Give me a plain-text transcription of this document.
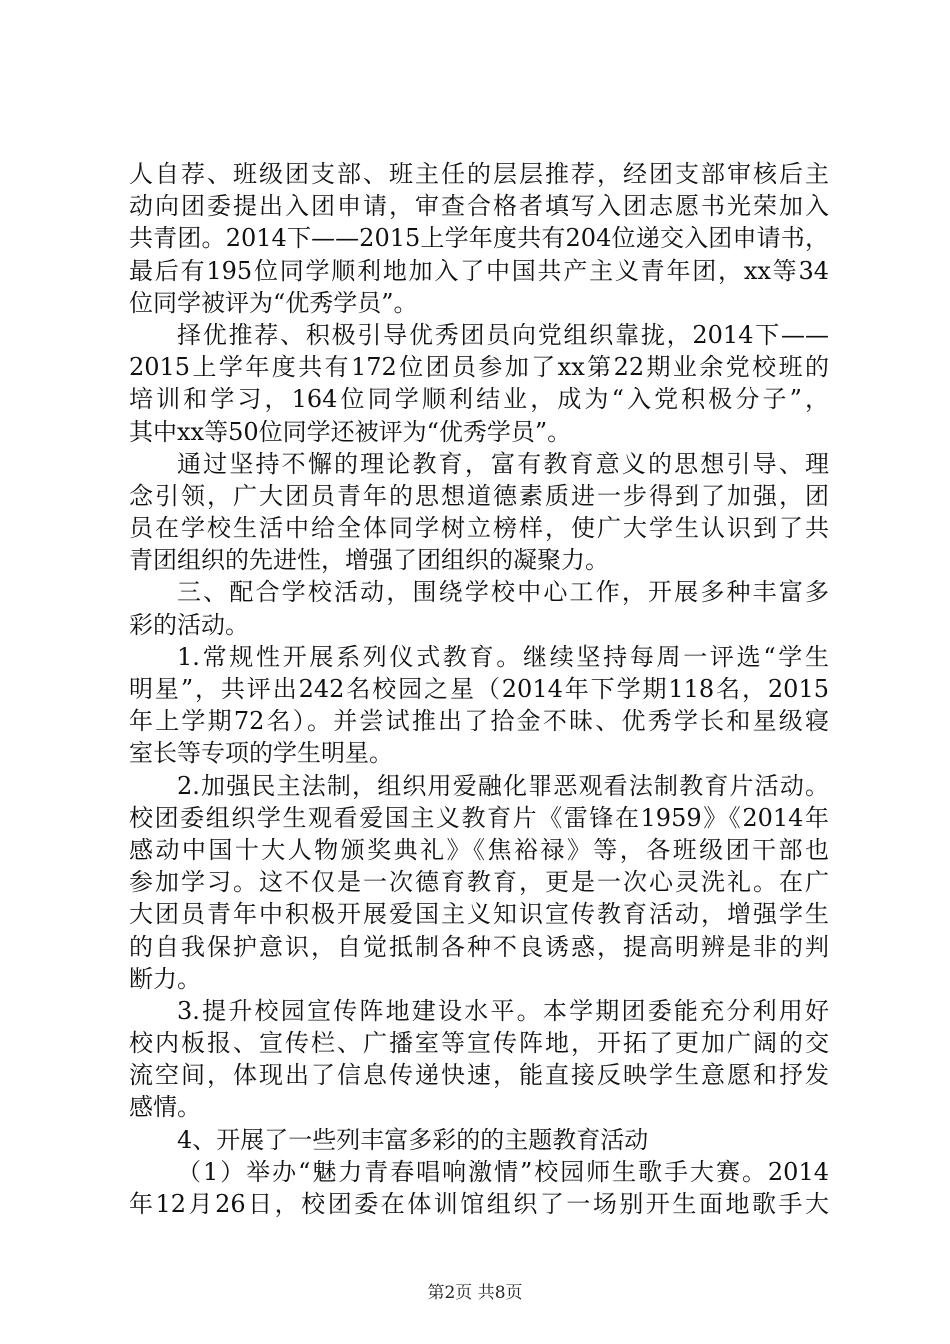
人自荐、班级团支部、班主任的层层推荐，经团支部审核后主
动向团委提出入团申请，审查合格者填写入团志愿书光荣加入
共青团。2014下——2015上学年度共有204位递交入团申请书，
最后有195位同学顺利地加入了中国共产主义青年团，xx等34
位同学被评为“优秀学员”。
择优推荐、积极引导优秀团员向党组织靠拢，2014下——
2015上学年度共有172位团员参加了xx第22期业余党校班的
培训和学习，164位同学顺利结业，成为“入党积极分子”，
其中xx等50位同学还被评为“优秀学员”。
通过坚持不懈的理论教育，富有教育意义的思想引导、理
念引领，广大团员青年的思想道德素质进一步得到了加强，团
员在学校生活中给全体同学树立榜样，使广大学生认识到了共
青团组织的先进性，增强了团组织的凝聚力。
三、配合学校活动，围绕学校中心工作，开展多种丰富多
彩的活动。
1.常规性开展系列仪式教育。继续坚持每周一评选“学生
明星”，共评出242名校园之星（2014年下学期118名，2015
年上学期72名）。并尝试推出了拾金不昧、优秀学长和星级寝
室长等专项的学生明星。
2.加强民主法制，组织用爱融化罪恶观看法制教育片活动。
校团委组织学生观看爱国主义教育片《雷锋在1959》《2014年
感动中国十大人物颁奖典礼》《焦裕禄》等，各班级团干部也
参加学习。这不仅是一次德育教育，更是一次心灵洗礼。在广
大团员青年中积极开展爱国主义知识宣传教育活动，增强学生
的自我保护意识，自觉抵制各种不良诱惑，提高明辨是非的判
断力。
3.提升校园宣传阵地建设水平。本学期团委能充分利用好
校内板报、宣传栏、广播室等宣传阵地，开拓了更加广阔的交
流空间，体现出了信息传递快速，能直接反映学生意愿和抒发
感情。
4、开展了一些列丰富多彩的的主题教育活动
（1）举办“魅力青春唱响激情”校园师生歌手大赛。2014
年12月26日，校团委在体训馆组织了一场别开生面地歌手大
第2页 共8页
